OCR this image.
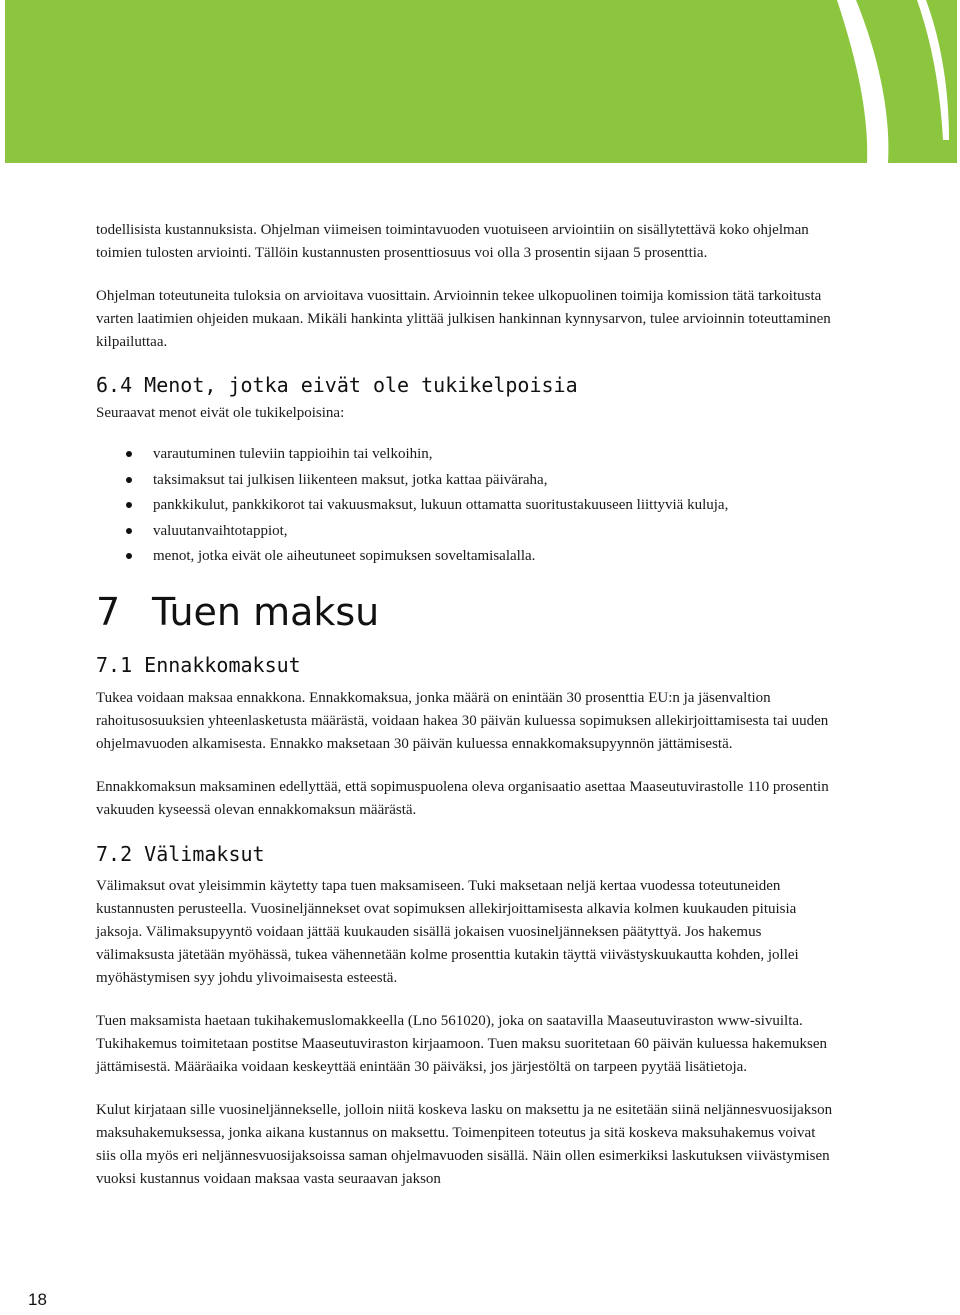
todellisista kustannuksista. Ohjelman viimeisen toimintavuoden vuotuiseen arviointiin on sisällytettävä koko ohjelman toimien tulosten arviointi. Tällöin kustannusten prosenttiosuus voi olla 3 prosentin sijaan 5 prosenttia.

Ohjelman toteutuneita tuloksia on arvioitava vuosittain. Arvioinnin tekee ulkopuolinen toimija komission tätä tarkoitusta varten laatimien ohjeiden mukaan. Mikäli hankinta ylittää julkisen hankinnan kynnysarvon, tulee arvioinnin toteuttaminen kilpailuttaa.

6.4 Menot, jotka eivät ole tukikelpoisia

Seuraavat menot eivät ole tukikelpoisina:

varautuminen tuleviin tappioihin tai velkoihin,
taksimaksut tai julkisen liikenteen maksut, jotka kattaa päiväraha,
pankkikulut, pankkikorot tai vakuusmaksut, lukuun ottamatta suoritustakuuseen liittyviä kuluja,
valuutanvaihtotappiot,
menot, jotka eivät ole aiheutuneet sopimuksen soveltamisalalla.
7 Tuen maksu
7.1 Ennakkomaksut

Tukea voidaan maksaa ennakkona. Ennakkomaksua, jonka määrä on enintään 30 prosenttia EU:n ja jäsenvaltion rahoitusosuuksien yhteenlasketusta määrästä, voidaan hakea 30 päivän kuluessa sopimuksen allekirjoittamisesta tai uuden ohjelmavuoden alkamisesta. Ennakko maksetaan 30 päivän kuluessa ennakkomaksupyynnön jättämisestä.

Ennakkomaksun maksaminen edellyttää, että sopimuspuolena oleva organisaatio asettaa Maaseutuvirastolle 110 prosentin vakuuden kyseessä olevan ennakkomaksun määrästä.

7.2 Välimaksut

Välimaksut ovat yleisimmin käytetty tapa tuen maksamiseen. Tuki maksetaan neljä kertaa vuodessa toteutuneiden kustannusten perusteella. Vuosineljännekset ovat sopimuksen allekirjoittamisesta alkavia kolmen kuukauden pituisia jaksoja. Välimaksupyyntö voidaan jättää kuukauden sisällä jokaisen vuosineljänneksen päätyttyä. Jos hakemus välimaksusta jätetään myöhässä, tukea vähennetään kolme prosenttia kutakin täyttä viivästyskuukautta kohden, jollei myöhästymisen syy johdu ylivoimaisesta esteestä.

Tuen maksamista haetaan tukihakemuslomakkeella (Lno 561020), joka on saatavilla Maaseutuviraston www-sivuilta. Tukihakemus toimitetaan postitse Maaseutuviraston kirjaamoon. Tuen maksu suoritetaan 60 päivän kuluessa hakemuksen jättämisestä. Määräaika voidaan keskeyttää enintään 30 päiväksi, jos järjestöltä on tarpeen pyytää lisätietoja.

Kulut kirjataan sille vuosineljännekselle, jolloin niitä koskeva lasku on maksettu ja ne esitetään siinä neljännesvuosijakson maksuhakemuksessa, jonka aikana kustannus on maksettu. Toimenpiteen toteutus ja sitä koskeva maksuhakemus voivat siis olla myös eri neljännesvuosijaksoissa saman ohjelmavuoden sisällä. Näin ollen esimerkiksi laskutuksen viivästymisen vuoksi kustannus voidaan maksaa vasta seuraavan jakson

18
